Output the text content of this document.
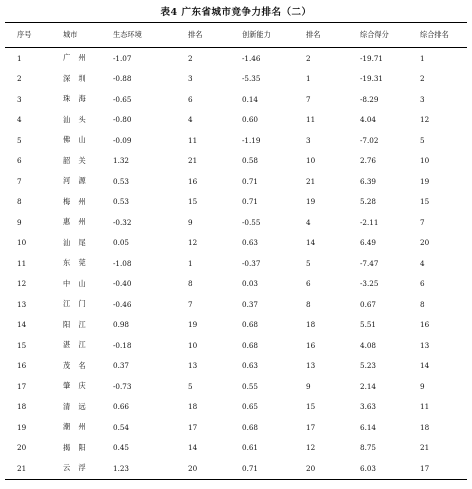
表4 广东省城市竞争力排名（二）
序号	城市	生态环境	排名	创新能力	排名	综合得分	综合排名
1	广 州	-1.07	2	-1.46	2	-19.71	1
2	深 圳	-0.88	3	-5.35	1	-19.31	2
3	珠 海	-0.65	6	0.14	7	-8.29	3
4	汕 头	-0.80	4	0.60	11	4.04	12
5	佛 山	-0.09	11	-1.19	3	-7.02	5
6	韶 关	1.32	21	0.58	10	2.76	10
7	河 源	0.53	16	0.71	21	6.39	19
8	梅 州	0.53	15	0.71	19	5.28	15
9	惠 州	-0.32	9	-0.55	4	-2.11	7
10	汕 尾	0.05	12	0.63	14	6.49	20
11	东 莞	-1.08	1	-0.37	5	-7.47	4
12	中 山	-0.40	8	0.03	6	-3.25	6
13	江 门	-0.46	7	0.37	8	0.67	8
14	阳 江	0.98	19	0.68	18	5.51	16
15	湛 江	-0.18	10	0.68	16	4.08	13
16	茂 名	0.37	13	0.63	13	5.23	14
17	肇 庆	-0.73	5	0.55	9	2.14	9
18	清 远	0.66	18	0.65	15	3.63	11
19	潮 州	0.54	17	0.68	17	6.14	18
20	揭 阳	0.45	14	0.61	12	8.75	21
21	云 浮	1.23	20	0.71	20	6.03	17
